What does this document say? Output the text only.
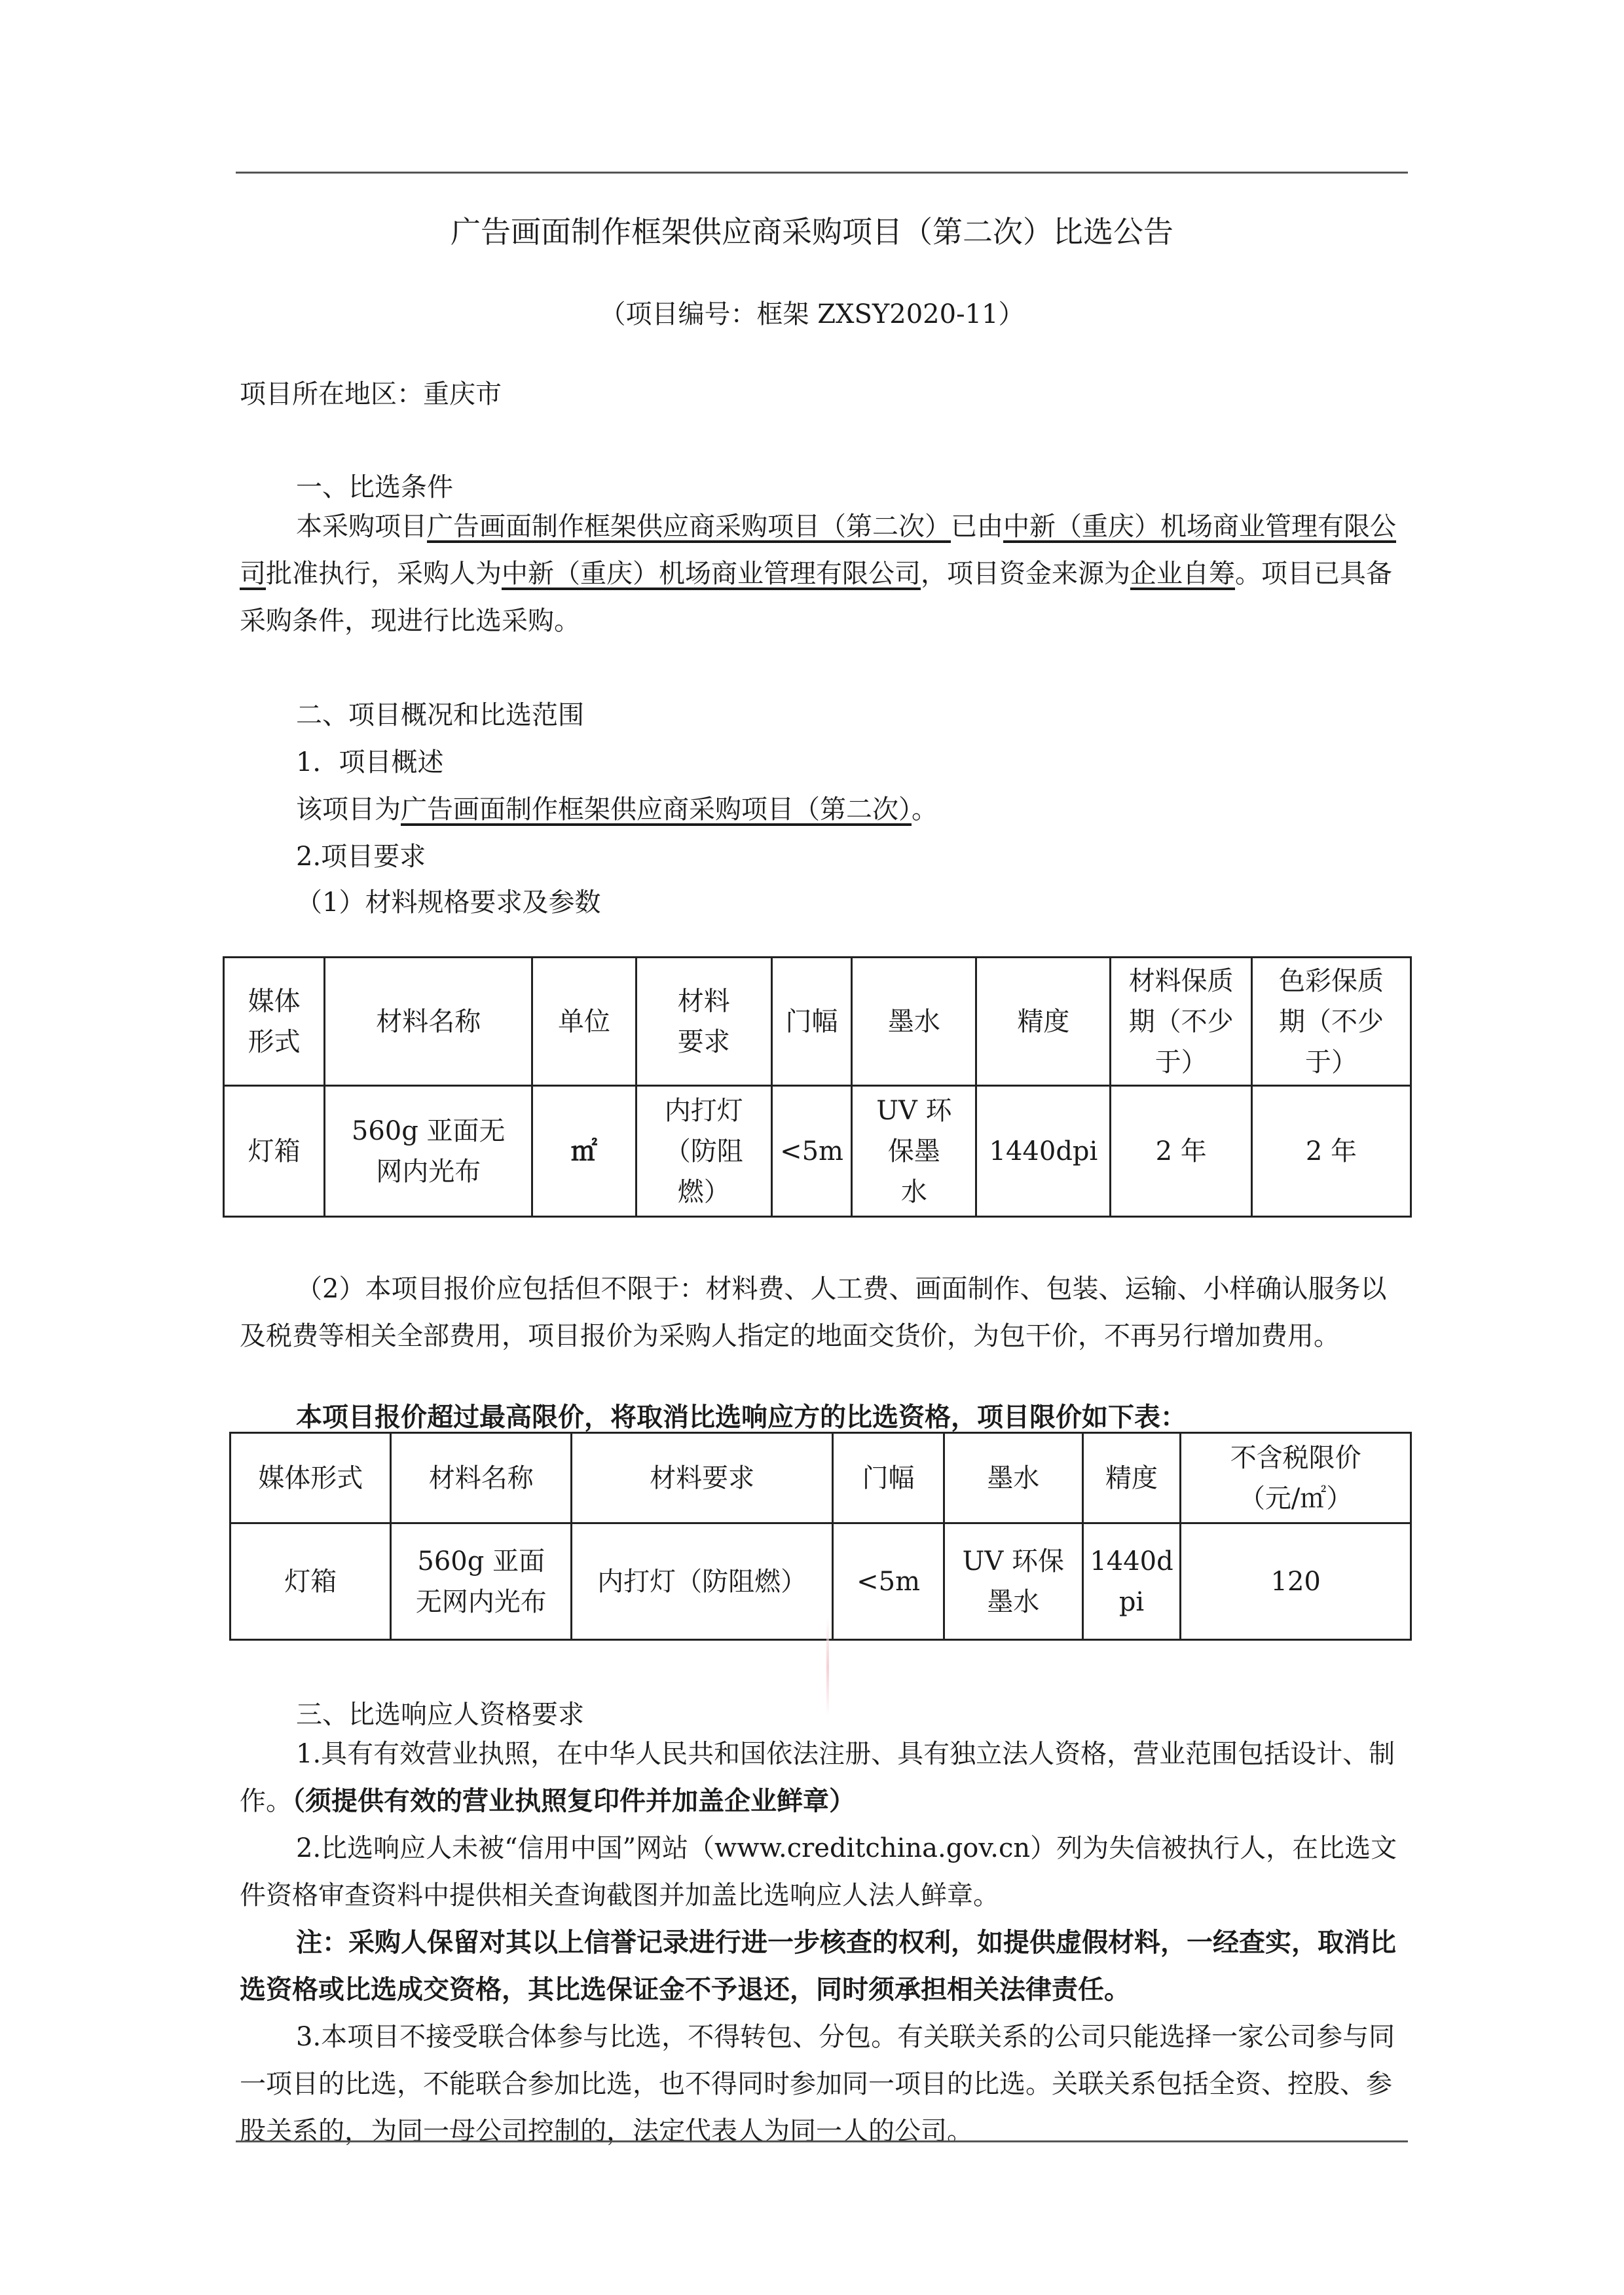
广告画面制作框架供应商采购项目（第二次）比选公告
（项目编号：框架 ZXSY2020-11）
项目所在地区：重庆市
一、比选条件
本采购项目广告画面制作框架供应商采购项目（第二次）已由中新（重庆）机场商业管理有限公司批准执行，采购人为中新（重庆）机场商业管理有限公司，项目资金来源为企业自筹。项目已具备采购条件，现进行比选采购。
二、项目概况和比选范围
1．项目概述
该项目为广告画面制作框架供应商采购项目（第二次）。
2.项目要求
（1）材料规格要求及参数
媒体形式	材料名称	单位	材料要求	门幅	墨水	精度	材料保质期（不少于）	色彩保质期（不少于）
灯箱	560g 亚面无网内光布	㎡	内打灯（防阻燃）	<5m	UV 环保墨水	1440dpi	2 年	2 年
（2）本项目报价应包括但不限于：材料费、人工费、画面制作、包装、运输、小样确认服务以及税费等相关全部费用，项目报价为采购人指定的地面交货价，为包干价，不再另行增加费用。
本项目报价超过最高限价，将取消比选响应方的比选资格，项目限价如下表：
媒体形式	材料名称	材料要求	门幅	墨水	精度	不含税限价（元/㎡）
灯箱	560g 亚面无网内光布	内打灯（防阻燃）	<5m	UV 环保墨水	1440dpi	120
三、比选响应人资格要求
1.具有有效营业执照，在中华人民共和国依法注册、具有独立法人资格，营业范围包括设计、制作。（须提供有效的营业执照复印件并加盖企业鲜章）
2.比选响应人未被“信用中国”网站（www.creditchina.gov.cn）列为失信被执行人，在比选文件资格审查资料中提供相关查询截图并加盖比选响应人法人鲜章。
注：采购人保留对其以上信誉记录进行进一步核查的权利，如提供虚假材料，一经查实，取消比选资格或比选成交资格，其比选保证金不予退还，同时须承担相关法律责任。
3.本项目不接受联合体参与比选，不得转包、分包。有关联关系的公司只能选择一家公司参与同一项目的比选，不能联合参加比选，也不得同时参加同一项目的比选。关联关系包括全资、控股、参股关系的，为同一母公司控制的，法定代表人为同一人的公司。
